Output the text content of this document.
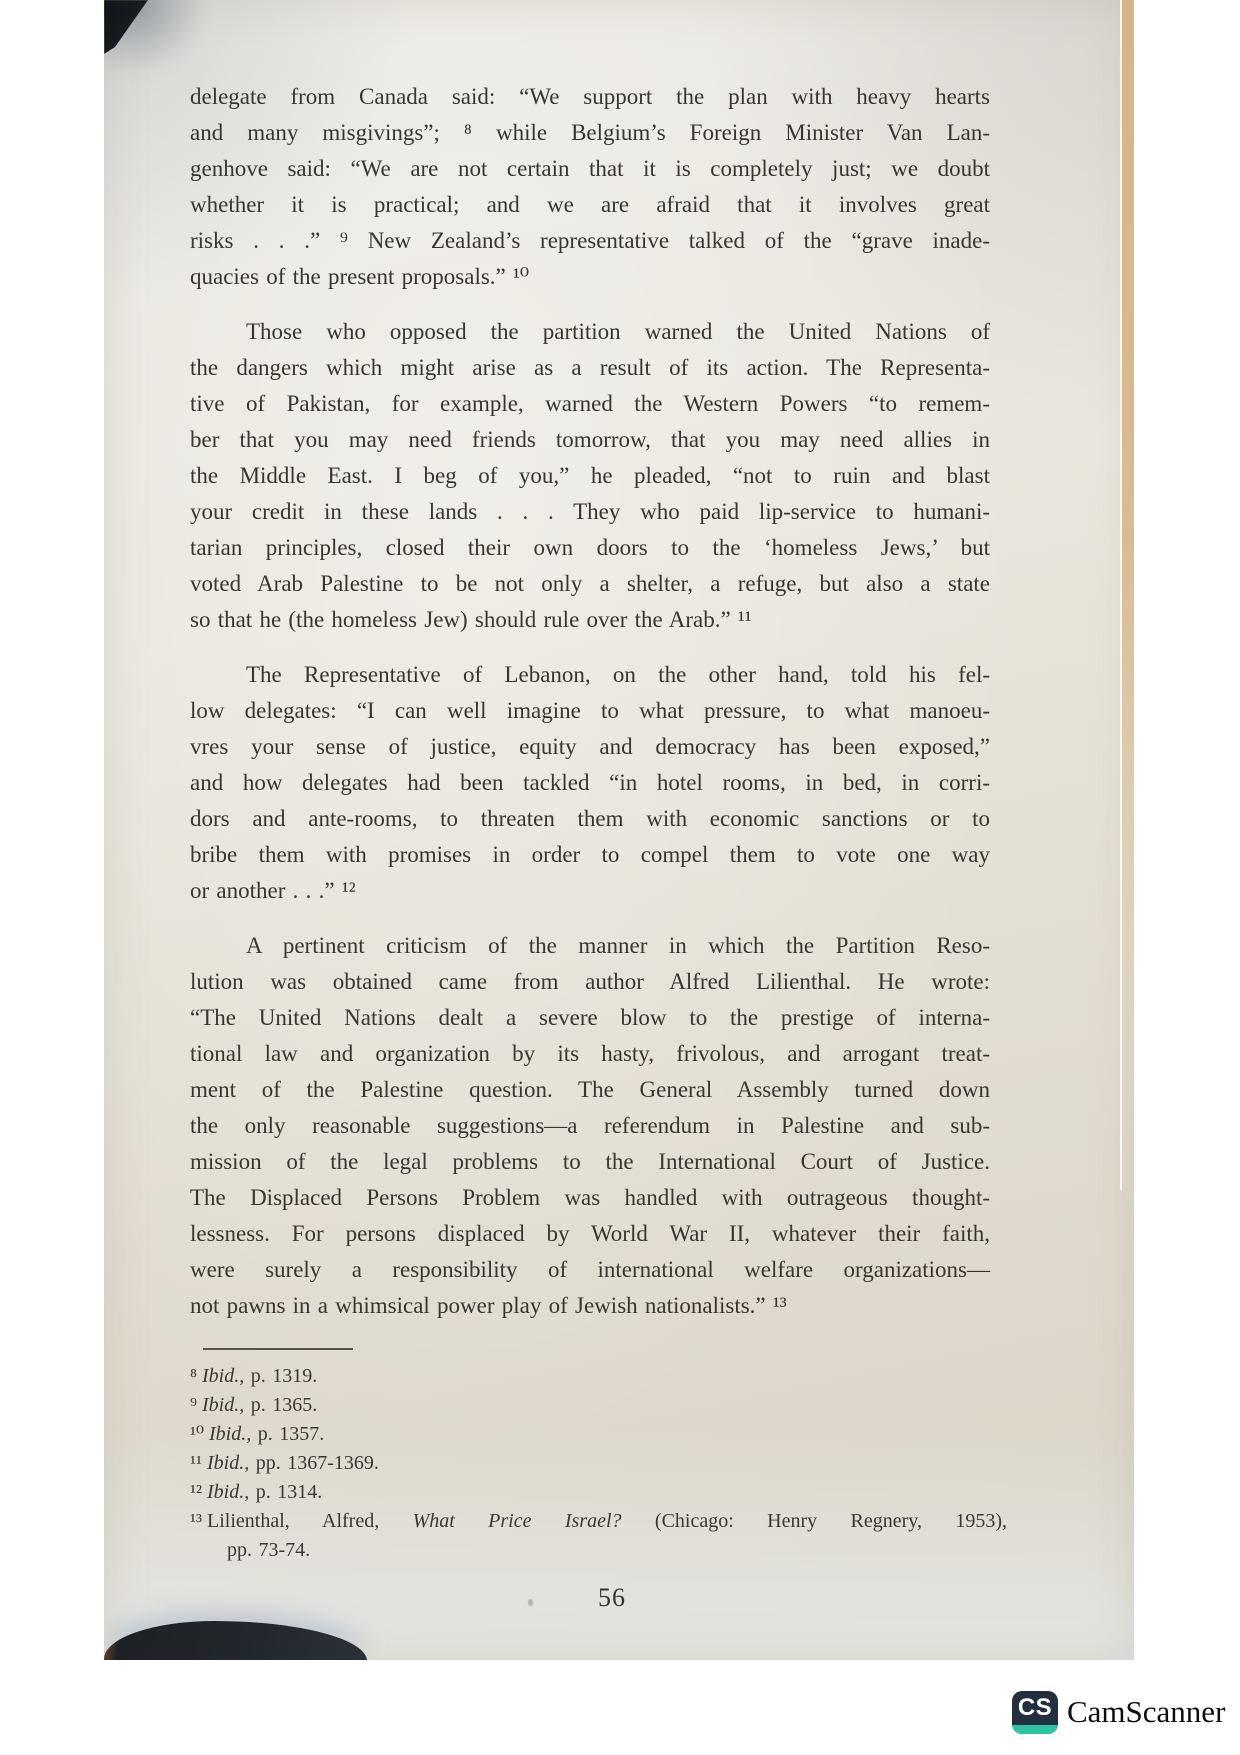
delegate from Canada said: “We support the plan with heavy hearts
and many misgivings”; ⁸ while Belgium’s Foreign Minister Van Lan-
genhove said: “We are not certain that it is completely just; we doubt
whether it is practical; and we are afraid that it involves great
risks . . .” ⁹ New Zealand’s representative talked of the “grave inade-
quacies of the present proposals.” ¹⁰
Those who opposed the partition warned the United Nations of
the dangers which might arise as a result of its action. The Representa-
tive of Pakistan, for example, warned the Western Powers “to remem-
ber that you may need friends tomorrow, that you may need allies in
the Middle East. I beg of you,” he pleaded, “not to ruin and blast
your credit in these lands . . . They who paid lip-service to humani-
tarian principles, closed their own doors to the ‘homeless Jews,’ but
voted Arab Palestine to be not only a shelter, a refuge, but also a state
so that he (the homeless Jew) should rule over the Arab.” ¹¹
The Representative of Lebanon, on the other hand, told his fel-
low delegates: “I can well imagine to what pressure, to what manoeu-
vres your sense of justice, equity and democracy has been exposed,”
and how delegates had been tackled “in hotel rooms, in bed, in corri-
dors and ante-rooms, to threaten them with economic sanctions or to
bribe them with promises in order to compel them to vote one way
or another . . .” ¹²
A pertinent criticism of the manner in which the Partition Reso-
lution was obtained came from author Alfred Lilienthal. He wrote:
“The United Nations dealt a severe blow to the prestige of interna-
tional law and organization by its hasty, frivolous, and arrogant treat-
ment of the Palestine question. The General Assembly turned down
the only reasonable suggestions—a referendum in Palestine and sub-
mission of the legal problems to the International Court of Justice.
The Displaced Persons Problem was handled with outrageous thought-
lessness. For persons displaced by World War II, whatever their faith,
were surely a responsibility of international welfare organizations—
not pawns in a whimsical power play of Jewish nationalists.” ¹³
⁸ Ibid., p. 1319.
⁹ Ibid., p. 1365.
¹⁰ Ibid., p. 1357.
¹¹ Ibid., pp. 1367-1369.
¹² Ibid., p. 1314.
¹³ Lilienthal, Alfred, What Price Israel? (Chicago: Henry Regnery, 1953),
pp. 73-74.
56
CS CamScanner
